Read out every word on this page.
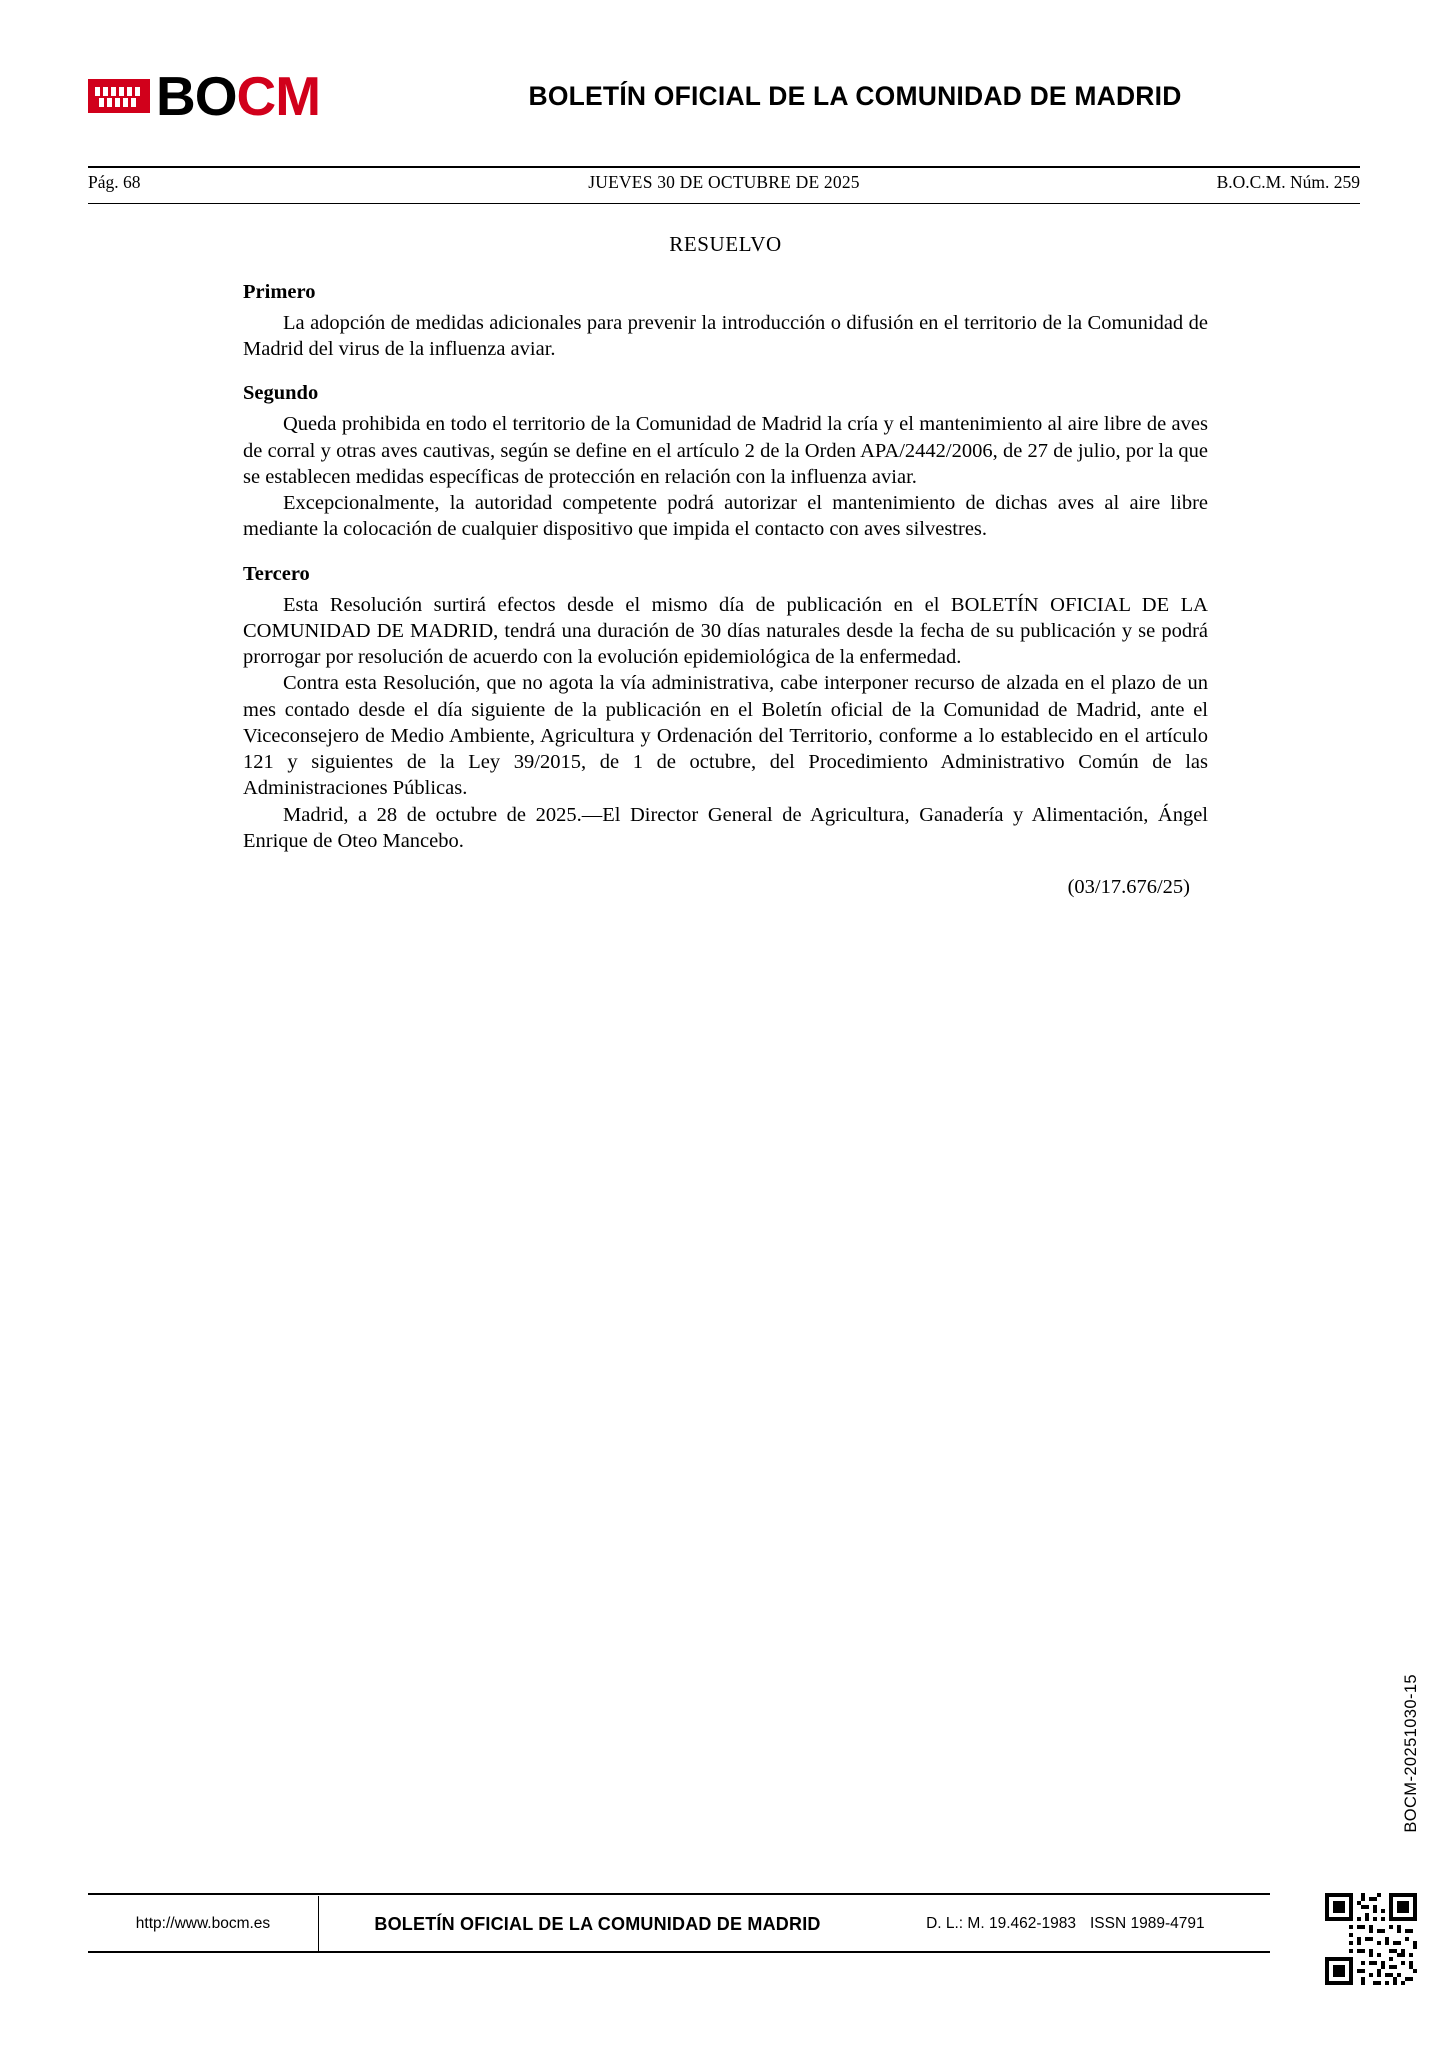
BOCM	BOLETÍN OFICIAL DE LA COMUNIDAD DE MADRID
Pág. 68	JUEVES 30 DE OCTUBRE DE 2025	B.O.C.M. Núm. 259
RESUELVO
Primero

La adopción de medidas adicionales para prevenir la introducción o difusión en el territorio de la Comunidad de Madrid del virus de la influenza aviar.

Segundo

Queda prohibida en todo el territorio de la Comunidad de Madrid la cría y el mantenimiento al aire libre de aves de corral y otras aves cautivas, según se define en el artículo 2 de la Orden APA/2442/2006, de 27 de julio, por la que se establecen medidas específicas de protección en relación con la influenza aviar.

Excepcionalmente, la autoridad competente podrá autorizar el mantenimiento de dichas aves al aire libre mediante la colocación de cualquier dispositivo que impida el contacto con aves silvestres.

Tercero

Esta Resolución surtirá efectos desde el mismo día de publicación en el BOLETÍN OFICIAL DE LA COMUNIDAD DE MADRID, tendrá una duración de 30 días naturales desde la fecha de su publicación y se podrá prorrogar por resolución de acuerdo con la evolución epidemiológica de la enfermedad.

Contra esta Resolución, que no agota la vía administrativa, cabe interponer recurso de alzada en el plazo de un mes contado desde el día siguiente de la publicación en el Boletín oficial de la Comunidad de Madrid, ante el Viceconsejero de Medio Ambiente, Agricultura y Ordenación del Territorio, conforme a lo establecido en el artículo 121 y siguientes de la Ley 39/2015, de 1 de octubre, del Procedimiento Administrativo Común de las Administraciones Públicas.

Madrid, a 28 de octubre de 2025.—El Director General de Agricultura, Ganadería y Alimentación, Ángel Enrique de Oteo Mancebo.

(03/17.676/25)
BOCM-20251030-15
http://www.bocm.es	BOLETÍN OFICIAL DE LA COMUNIDAD DE MADRID	D. L.: M. 19.462-1983 ISSN 1989-4791
